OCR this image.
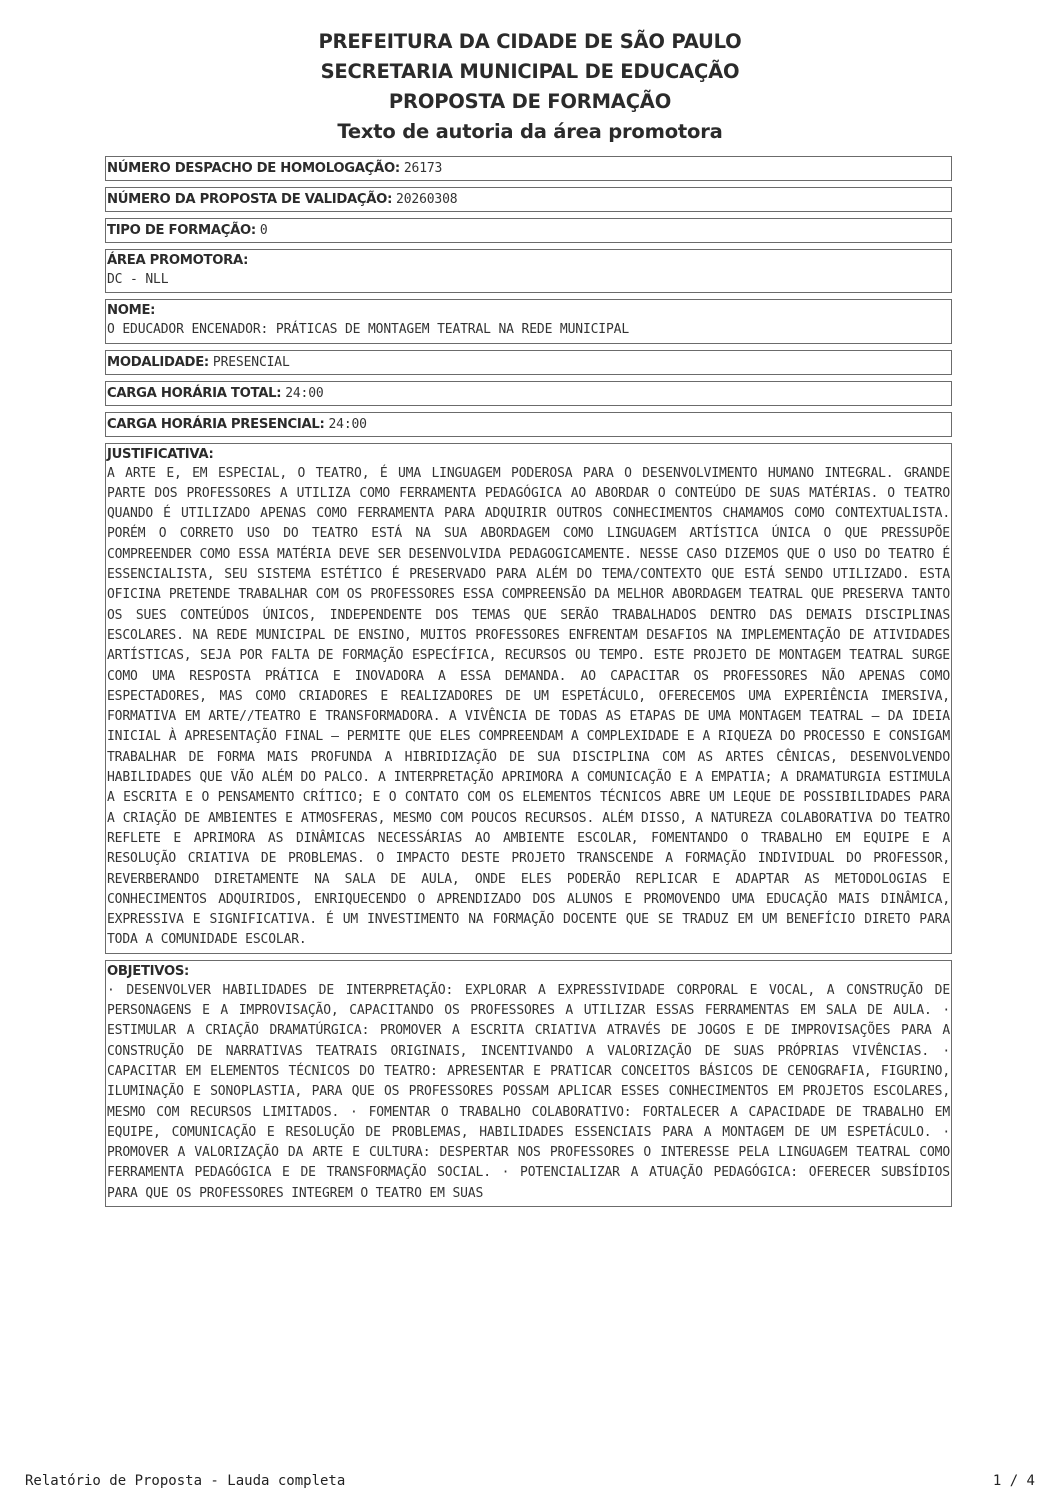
PREFEITURA DA CIDADE DE SÃO PAULO
SECRETARIA MUNICIPAL DE EDUCAÇÃO
PROPOSTA DE FORMAÇÃO
Texto de autoria da área promotora
NÚMERO DESPACHO DE HOMOLOGAÇÃO: 26173
NÚMERO DA PROPOSTA DE VALIDAÇÃO: 20260308
TIPO DE FORMAÇÃO: 0
ÁREA PROMOTORA:
DC - NLL
NOME:
O EDUCADOR ENCENADOR: PRÁTICAS DE MONTAGEM TEATRAL NA REDE MUNICIPAL
MODALIDADE: PRESENCIAL
CARGA HORÁRIA TOTAL: 24:00
CARGA HORÁRIA PRESENCIAL: 24:00
JUSTIFICATIVA:
A ARTE E, EM ESPECIAL, O TEATRO, É UMA LINGUAGEM PODEROSA PARA O DESENVOLVIMENTO HUMANO INTEGRAL. GRANDE PARTE DOS PROFESSORES A UTILIZA COMO FERRAMENTA PEDAGÓGICA AO ABORDAR O CONTEÚDO DE SUAS MATÉRIAS. O TEATRO QUANDO É UTILIZADO APENAS COMO FERRAMENTA PARA ADQUIRIR OUTROS CONHECIMENTOS CHAMAMOS COMO CONTEXTUALISTA. PORÉM O CORRETO USO DO TEATRO ESTÁ NA SUA ABORDAGEM COMO LINGUAGEM ARTÍSTICA ÚNICA O QUE PRESSUPÕE COMPREENDER COMO ESSA MATÉRIA DEVE SER DESENVOLVIDA PEDAGOGICAMENTE. NESSE CASO DIZEMOS QUE O USO DO TEATRO É ESSENCIALISTA, SEU SISTEMA ESTÉTICO É PRESERVADO PARA ALÉM DO TEMA/CONTEXTO QUE ESTÁ SENDO UTILIZADO. ESTA OFICINA PRETENDE TRABALHAR COM OS PROFESSORES ESSA COMPREENSÃO DA MELHOR ABORDAGEM TEATRAL QUE PRESERVA TANTO OS SUES CONTEÚDOS ÚNICOS, INDEPENDENTE DOS TEMAS QUE SERÃO TRABALHADOS DENTRO DAS DEMAIS DISCIPLINAS ESCOLARES. NA REDE MUNICIPAL DE ENSINO, MUITOS PROFESSORES ENFRENTAM DESAFIOS NA IMPLEMENTAÇÃO DE ATIVIDADES ARTÍSTICAS, SEJA POR FALTA DE FORMAÇÃO ESPECÍFICA, RECURSOS OU TEMPO. ESTE PROJETO DE MONTAGEM TEATRAL SURGE COMO UMA RESPOSTA PRÁTICA E INOVADORA A ESSA DEMANDA. AO CAPACITAR OS PROFESSORES NÃO APENAS COMO ESPECTADORES, MAS COMO CRIADORES E REALIZADORES DE UM ESPETÁCULO, OFERECEMOS UMA EXPERIÊNCIA IMERSIVA, FORMATIVA EM ARTE//TEATRO E TRANSFORMADORA. A VIVÊNCIA DE TODAS AS ETAPAS DE UMA MONTAGEM TEATRAL — DA IDEIA INICIAL À APRESENTAÇÃO FINAL — PERMITE QUE ELES COMPREENDAM A COMPLEXIDADE E A RIQUEZA DO PROCESSO E CONSIGAM TRABALHAR DE FORMA MAIS PROFUNDA A HIBRIDIZAÇÃO DE SUA DISCIPLINA COM AS ARTES CÊNICAS, DESENVOLVENDO HABILIDADES QUE VÃO ALÉM DO PALCO. A INTERPRETAÇÃO APRIMORA A COMUNICAÇÃO E A EMPATIA; A DRAMATURGIA ESTIMULA A ESCRITA E O PENSAMENTO CRÍTICO; E O CONTATO COM OS ELEMENTOS TÉCNICOS ABRE UM LEQUE DE POSSIBILIDADES PARA A CRIAÇÃO DE AMBIENTES E ATMOSFERAS, MESMO COM POUCOS RECURSOS. ALÉM DISSO, A NATUREZA COLABORATIVA DO TEATRO REFLETE E APRIMORA AS DINÂMICAS NECESSÁRIAS AO AMBIENTE ESCOLAR, FOMENTANDO O TRABALHO EM EQUIPE E A RESOLUÇÃO CRIATIVA DE PROBLEMAS. O IMPACTO DESTE PROJETO TRANSCENDE A FORMAÇÃO INDIVIDUAL DO PROFESSOR, REVERBERANDO DIRETAMENTE NA SALA DE AULA, ONDE ELES PODERÃO REPLICAR E ADAPTAR AS METODOLOGIAS E CONHECIMENTOS ADQUIRIDOS, ENRIQUECENDO O APRENDIZADO DOS ALUNOS E PROMOVENDO UMA EDUCAÇÃO MAIS DINÂMICA, EXPRESSIVA E SIGNIFICATIVA. É UM INVESTIMENTO NA FORMAÇÃO DOCENTE QUE SE TRADUZ EM UM BENEFÍCIO DIRETO PARA TODA A COMUNIDADE ESCOLAR.
OBJETIVOS:
· DESENVOLVER HABILIDADES DE INTERPRETAÇÃO: EXPLORAR A EXPRESSIVIDADE CORPORAL E VOCAL, A CONSTRUÇÃO DE PERSONAGENS E A IMPROVISAÇÃO, CAPACITANDO OS PROFESSORES A UTILIZAR ESSAS FERRAMENTAS EM SALA DE AULA. · ESTIMULAR A CRIAÇÃO DRAMATÚRGICA: PROMOVER A ESCRITA CRIATIVA ATRAVÉS DE JOGOS E DE IMPROVISAÇÕES PARA A CONSTRUÇÃO DE NARRATIVAS TEATRAIS ORIGINAIS, INCENTIVANDO A VALORIZAÇÃO DE SUAS PRÓPRIAS VIVÊNCIAS. · CAPACITAR EM ELEMENTOS TÉCNICOS DO TEATRO: APRESENTAR E PRATICAR CONCEITOS BÁSICOS DE CENOGRAFIA, FIGURINO, ILUMINAÇÃO E SONOPLASTIA, PARA QUE OS PROFESSORES POSSAM APLICAR ESSES CONHECIMENTOS EM PROJETOS ESCOLARES, MESMO COM RECURSOS LIMITADOS. · FOMENTAR O TRABALHO COLABORATIVO: FORTALECER A CAPACIDADE DE TRABALHO EM EQUIPE, COMUNICAÇÃO E RESOLUÇÃO DE PROBLEMAS, HABILIDADES ESSENCIAIS PARA A MONTAGEM DE UM ESPETÁCULO. · PROMOVER A VALORIZAÇÃO DA ARTE E CULTURA: DESPERTAR NOS PROFESSORES O INTERESSE PELA LINGUAGEM TEATRAL COMO FERRAMENTA PEDAGÓGICA E DE TRANSFORMAÇÃO SOCIAL. · POTENCIALIZAR A ATUAÇÃO PEDAGÓGICA: OFERECER SUBSÍDIOS PARA QUE OS PROFESSORES INTEGREM O TEATRO EM SUAS
Relatório de Proposta - Lauda completa	1 / 4
